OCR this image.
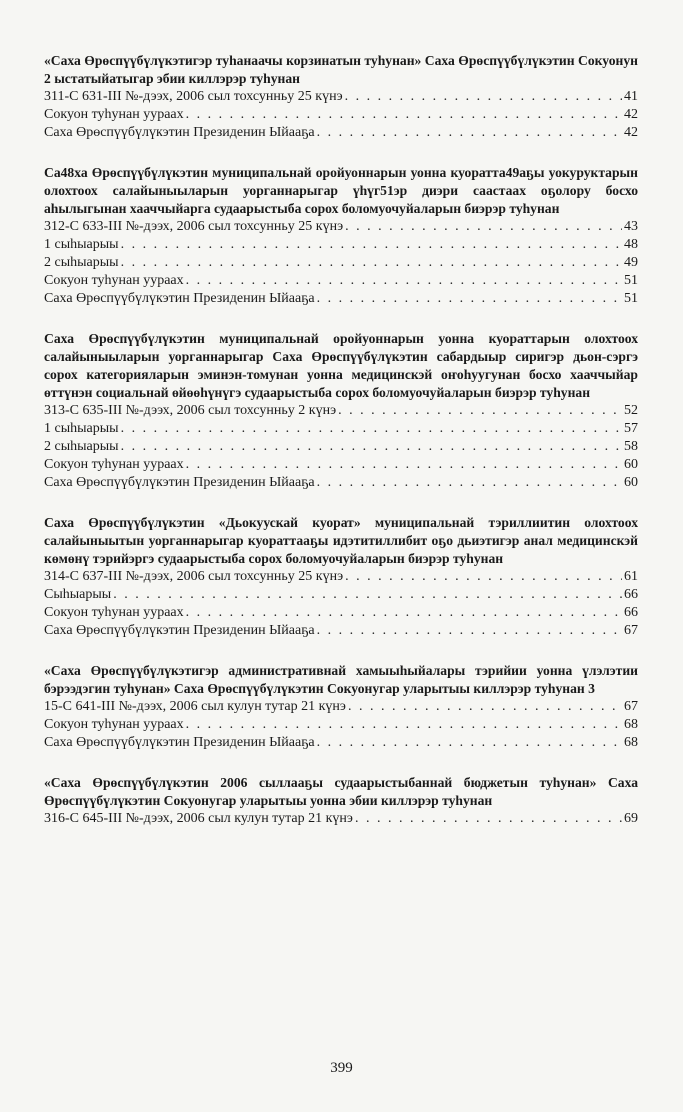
«Саха Өрөспүүбүлүкэтигэр туһанаачы корзинатын туһунан» Саха Өрөспүүбүлүкэтин Сокуонун 2 ыстатыйатыгар эбии киллэрэр туһунан
311-С 631-III №-дээх, 2006 сыл тохсунньу 25 күнэ . . .	41
Сокуон туһунан уураах . . .	42
Саха Өрөспүүбүлүкэтин Президенин Ыйааҕа . . .	42
Са48ха Өрөспүүбүлүкэтин муниципальнай оройуоннарын уонна куоратта49аҕы уокуруктарын олохтоох салайыныыларын уорганнарыгар үһүг51эр диэри саастаах оҕолору босхо аһылыгынан хааччыйарга судаарыстыба сорох боломуочуйаларын биэрэр туһунан
312-С 633-III №-дээх, 2006 сыл тохсунньу 25 күнэ . . .	43
1 сыһыарыы . . .	48
2 сыһыарыы . . .	49
Сокуон туһунан уураах . . .	51
Саха Өрөспүүбүлүкэтин Президенин Ыйааҕа . . .	51
Саха Өрөспүүбүлүкэтин муниципальнай оройуоннарын уонна куораттарын олохтоох салайыныыларын уорганнарыгар Саха Өрөспүүбүлүкэтин сабардыыр сиригэр дьон-сэргэ сорох категорияларын эминэн-томунан уонна медицинскэй оҥоһуугунан босхо хааччыйар өттүнэн социальнай өйөөһүнүгэ судаарыстыба сорох боломуочуйаларын биэрэр туһунан
313-С 635-III №-дээх, 2006 сыл тохсунньу 2 күнэ . . .	52
1 сыһыарыы . . .	57
2 сыһыарыы . . .	58
Сокуон туһунан уураах . . .	60
Саха Өрөспүүбүлүкэтин Президенин Ыйааҕа . . .	60
Саха Өрөспүүбүлүкэтин «Дьокуускай куорат» муниципальнай тэриллиитин олохтоох салайыныытын уорганнарыгар куораттааҕы идэтитиллибит оҕо дьиэтигэр анал медицинскэй көмөнү тэрийэргэ судаарыстыба сорох боломуочуйаларын биэрэр туһунан
314-С 637-III №-дээх, 2006 сыл тохсунньу 25 күнэ . . .	61
Сыһыарыы . . .	66
Сокуон туһунан уураах . . .	66
Саха Өрөспүүбүлүкэтин Президенин Ыйааҕа . . .	67
«Саха Өрөспүүбүлүкэтигэр административнай хамыыһыйалары тэрийии уонна үлэлэтии бэрээдэгин туһунан» Саха Өрөспүүбүлүкэтин Сокуонугар уларытыы киллэрэр туһунан 3
15-С 641-III №-дээх, 2006 сыл кулун тутар 21 күнэ . . .	67
Сокуон туһунан уураах . . .	68
Саха Өрөспүүбүлүкэтин Президенин Ыйааҕа . . .	68
«Саха Өрөспүүбүлүкэтин 2006 сыллааҕы судаарыстыбаннай бюджетын туһунан» Саха Өрөспүүбүлүкэтин Сокуонугар уларытыы уонна эбии киллэрэр туһунан
316-С 645-III №-дээх, 2006 сыл кулун тутар 21 күнэ . . .	69
399
